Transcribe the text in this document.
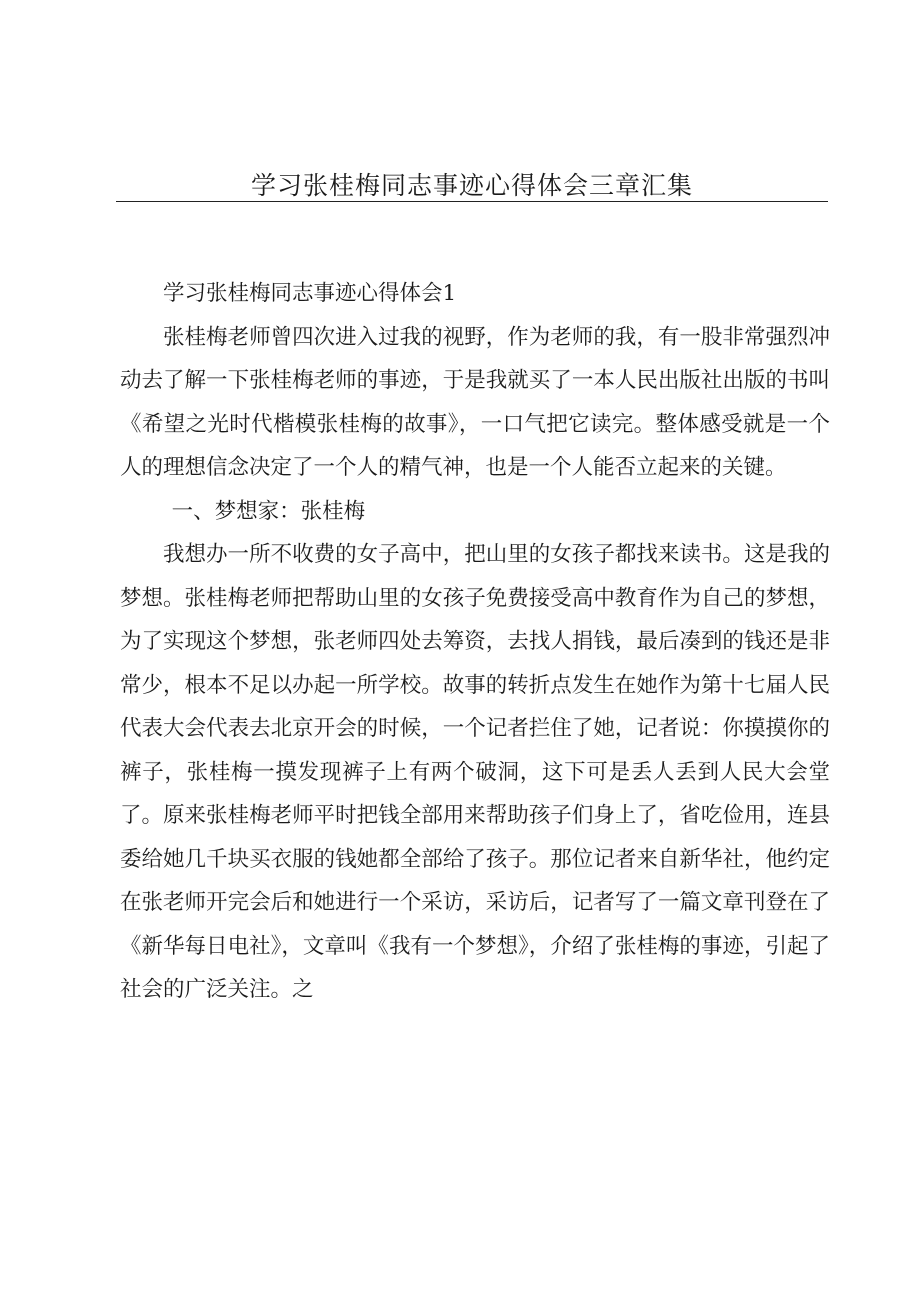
学习张桂梅同志事迹心得体会三章汇集

学习张桂梅同志事迹心得体会1

张桂梅老师曾四次进入过我的视野，作为老师的我，有一股非常强烈冲动去了解一下张桂梅老师的事迹，于是我就买了一本人民出版社出版的书叫《希望之光时代楷模张桂梅的故事》，一口气把它读完。整体感受就是一个人的理想信念决定了一个人的精气神，也是一个人能否立起来的关键。

一、梦想家：张桂梅

我想办一所不收费的女子高中，把山里的女孩子都找来读书。这是我的梦想。张桂梅老师把帮助山里的女孩子免费接受高中教育作为自己的梦想，为了实现这个梦想，张老师四处去筹资，去找人捐钱，最后凑到的钱还是非常少，根本不足以办起一所学校。故事的转折点发生在她作为第十七届人民代表大会代表去北京开会的时候，一个记者拦住了她，记者说：你摸摸你的裤子，张桂梅一摸发现裤子上有两个破洞，这下可是丢人丢到人民大会堂了。原来张桂梅老师平时把钱全部用来帮助孩子们身上了，省吃俭用，连县委给她几千块买衣服的钱她都全部给了孩子。那位记者来自新华社，他约定在张老师开完会后和她进行一个采访，采访后，记者写了一篇文章刊登在了《新华每日电社》，文章叫《我有一个梦想》，介绍了张桂梅的事迹，引起了社会的广泛关注。之
